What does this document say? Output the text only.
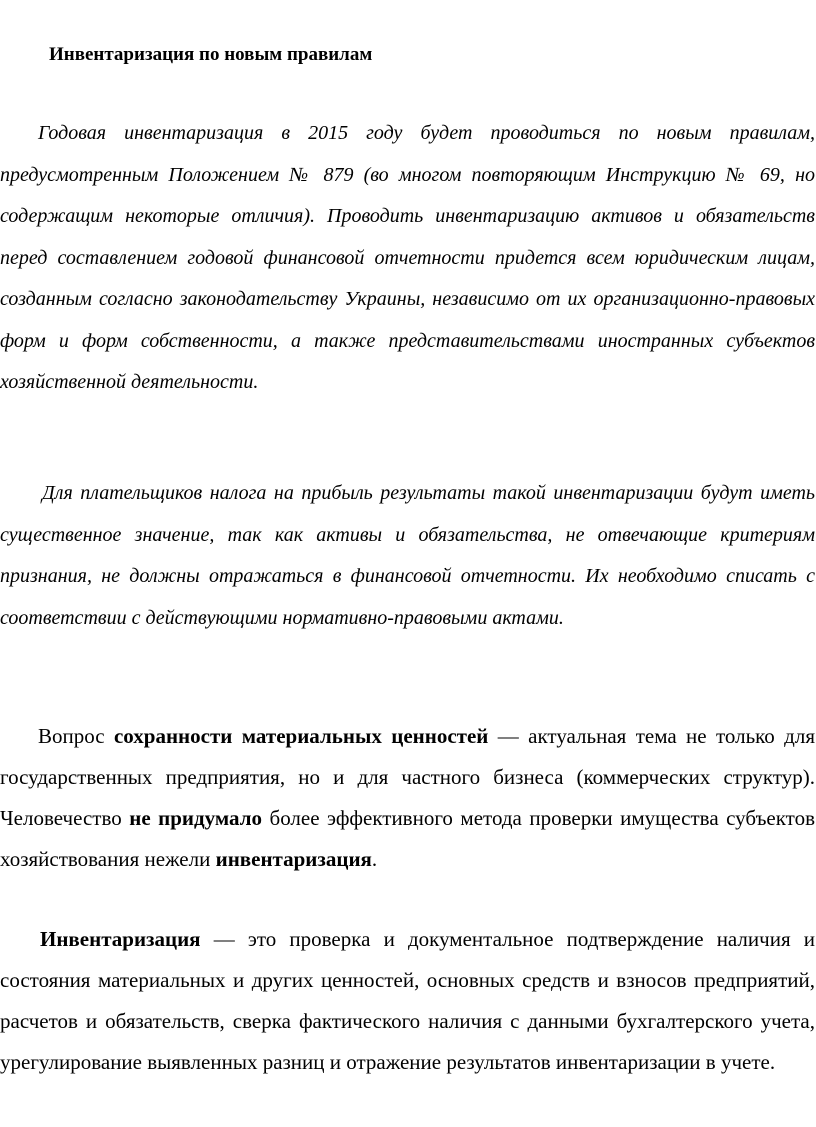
Инвентаризация по новым правилам

Годовая инвентаризация в 2015 году будет проводиться по новым правилам, предусмотренным Положением № 879 (во многом повторяющим Инструкцию № 69, но содержащим некоторые отличия). Проводить инвентаризацию активов и обязательств перед составлением годовой финансовой отчетности придется всем юридическим лицам, созданным согласно законодательству Украины, независимо от их организационно-правовых форм и форм собственности, а также представительствами иностранных субъектов хозяйственной деятельности.

Для плательщиков налога на прибыль результаты такой инвентаризации будут иметь существенное значение, так как активы и обязательства, не отвечающие критериям признания, не должны отражаться в финансовой отчетности. Их необходимо списать с соответствии с действующими нормативно-правовыми актами.

Вопрос сохранности материальных ценностей — актуальная тема не только для государственных предприятия, но и для частного бизнеса (коммерческих структур). Человечество не придумало более эффективного метода проверки имущества субъектов хозяйствования нежели инвентаризация.

Инвентаризация — это проверка и документальное подтверждение наличия и состояния материальных и других ценностей, основных средств и взносов предприятий, расчетов и обязательств, сверка фактического наличия с данными бухгалтерского учета, урегулирование выявленных разниц и отражение результатов инвентаризации в учете.
